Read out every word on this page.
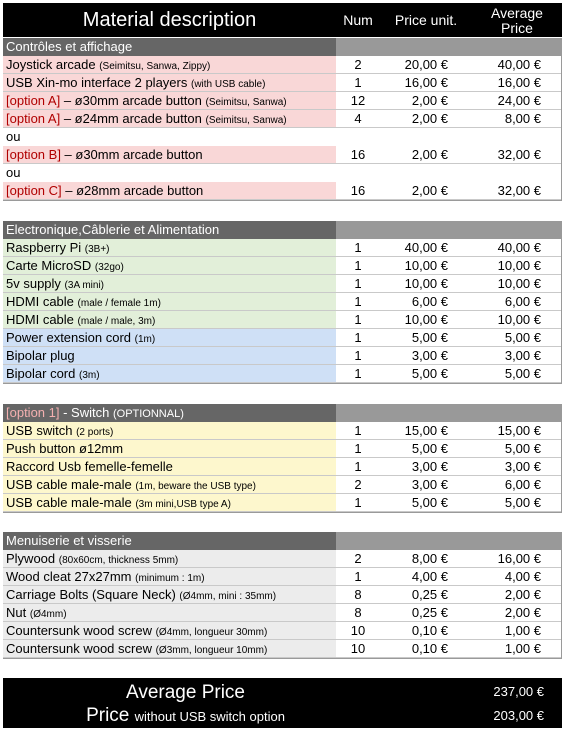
Material description	Num	Price unit.	Average
Price
Contrôles et affichage
Joystick arcade (Seimitsu, Sanwa, Zippy)	2	20,00 €	40,00 €
USB Xin-mo interface 2 players (with USB cable)	1	16,00 €	16,00 €
[option A] – ø30mm arcade button (Seimitsu, Sanwa)	12	2,00 €	24,00 €
[option A] – ø24mm arcade button (Seimitsu, Sanwa)	4	2,00 €	8,00 €
ou
[option B] – ø30mm arcade button	16	2,00 €	32,00 €
ou
[option C] – ø28mm arcade button	16	2,00 €	32,00 €
Electronique,Câblerie et Alimentation
Raspberry Pi (3B+)	1	40,00 €	40,00 €
Carte MicroSD (32go)	1	10,00 €	10,00 €
5v supply (3A mini)	1	10,00 €	10,00 €
HDMI cable (male / female 1m)	1	6,00 €	6,00 €
HDMI cable (male / male, 3m)	1	10,00 €	10,00 €
Power extension cord (1m)	1	5,00 €	5,00 €
Bipolar plug	1	3,00 €	3,00 €
Bipolar cord (3m)	1	5,00 €	5,00 €
[option 1] - Switch (OPTIONNAL)
USB switch (2 ports)	1	15,00 €	15,00 €
Push button ø12mm	1	5,00 €	5,00 €
Raccord Usb femelle-femelle	1	3,00 €	3,00 €
USB cable male-male (1m, beware the USB type)	2	3,00 €	6,00 €
USB cable male-male (3m mini,USB type A)	1	5,00 €	5,00 €
Menuiserie et visserie
Plywood (80x60cm, thickness 5mm)	2	8,00 €	16,00 €
Wood cleat 27x27mm (minimum : 1m)	1	4,00 €	4,00 €
Carriage Bolts (Square Neck) (Ø4mm, mini : 35mm)	8	0,25 €	2,00 €
Nut (Ø4mm)	8	0,25 €	2,00 €
Countersunk wood screw (Ø4mm, longueur 30mm)	10	0,10 €	1,00 €
Countersunk wood screw (Ø3mm, longueur 10mm)	10	0,10 €	1,00 €
Average Price	237,00 €
Price without USB switch option	203,00 €
